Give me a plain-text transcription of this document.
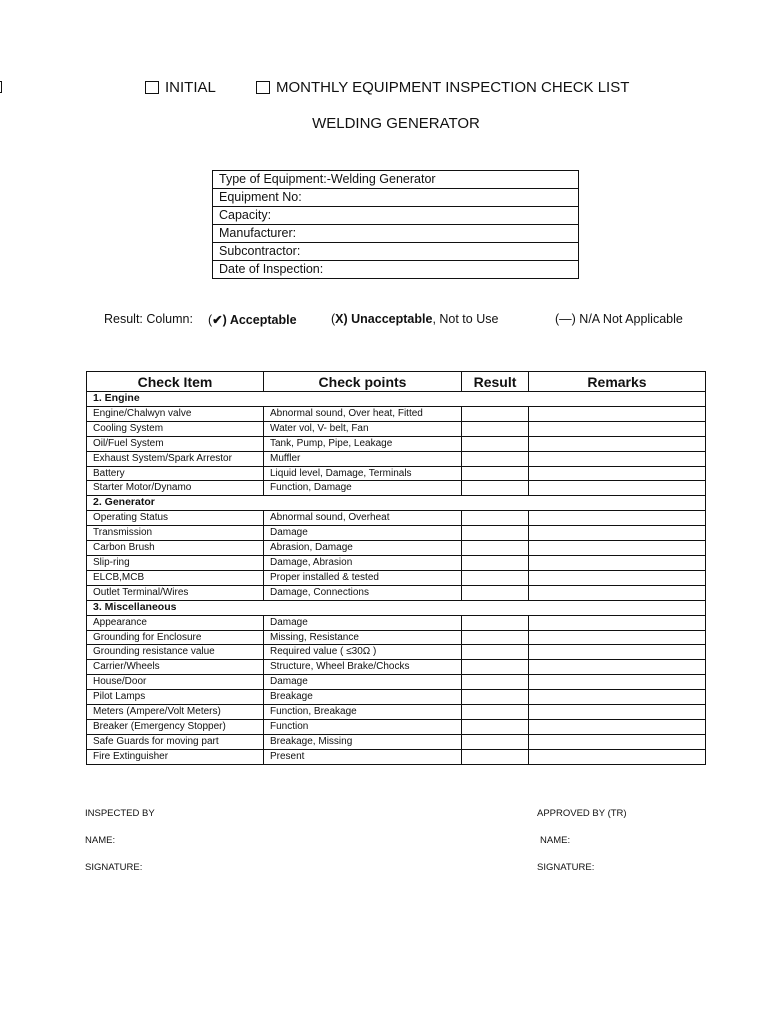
INITIAL	MONTHLY EQUIPMENT INSPECTION CHECK LIST
WELDING GENERATOR
Type of Equipment:-Welding Generator
Equipment No:
Capacity:
Manufacturer:
Subcontractor:
Date of Inspection:
Result: Column: (✔) Acceptable	(X) Unacceptable, Not to Use	(―) N/A Not Applicable
Check Item	Check points	Result	Remarks
1. Engine			
Engine/Chalwyn valve	Abnormal sound, Over heat, Fitted		
Cooling System	Water vol, V- belt, Fan		
Oil/Fuel System	Tank, Pump, Pipe, Leakage		
Exhaust System/Spark Arrestor	Muffler		
Battery	Liquid level, Damage, Terminals		
Starter Motor/Dynamo	Function, Damage		
2. Generator			
Operating Status	Abnormal sound, Overheat		
Transmission	Damage		
Carbon Brush	Abrasion, Damage		
Slip-ring	Damage, Abrasion		
ELCB,MCB	Proper installed & tested		
Outlet Terminal/Wires	Damage, Connections		
3. Miscellaneous			
Appearance	Damage		
Grounding for Enclosure	Missing, Resistance		
Grounding resistance value	Required value ( ≤30Ω )		
Carrier/Wheels	Structure, Wheel Brake/Chocks		
House/Door	Damage		
Pilot Lamps	Breakage		
Meters (Ampere/Volt Meters)	Function, Breakage		
Breaker (Emergency Stopper)	Function		
Safe Guards for moving part	Breakage, Missing		
Fire Extinguisher	Present		
INSPECTED BY
NAME:
SIGNATURE:
APPROVED BY (TR)
NAME:
SIGNATURE:
